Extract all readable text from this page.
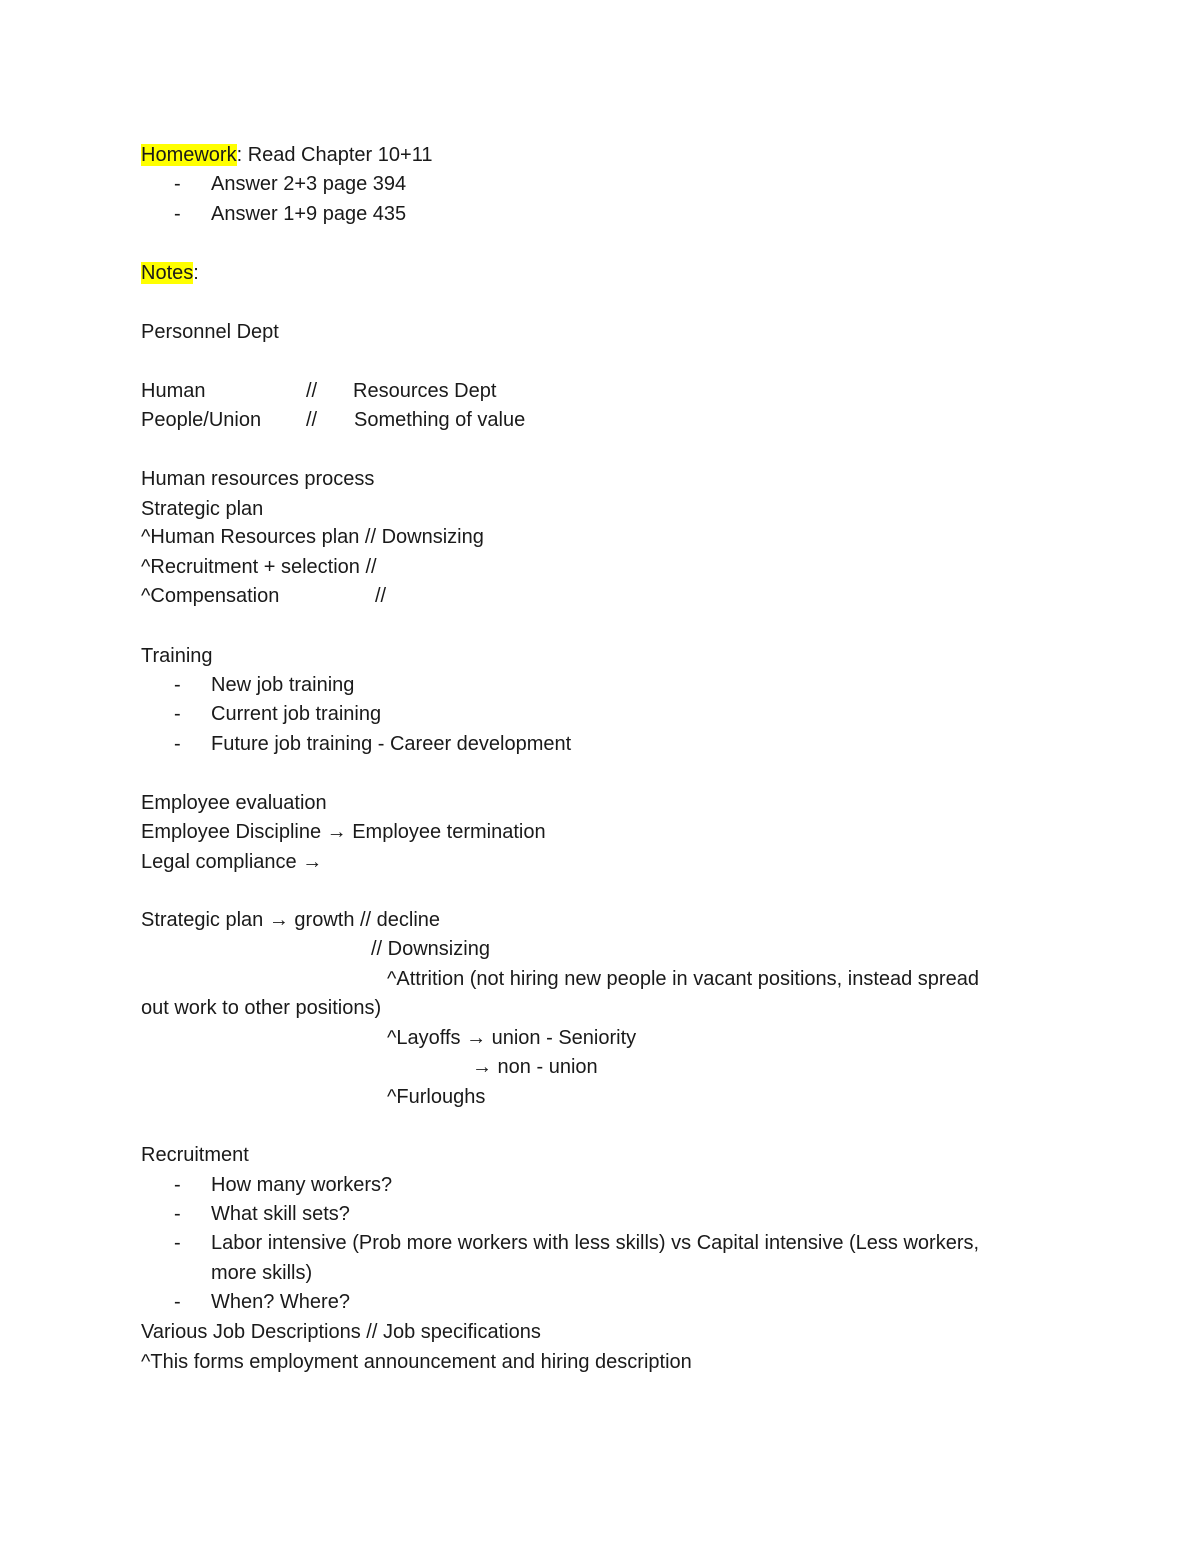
Homework: Read Chapter 10+11
- Answer 2+3 page 394
- Answer 1+9 page 435
Notes:
Personnel Dept
Human	// Resources Dept
People/Union // Something of value
Human resources process
Strategic plan
^Human Resources plan // Downsizing
^Recruitment + selection //
^Compensation	//
Training
- New job training
- Current job training
- Future job training - Career development
Employee evaluation
Employee Discipline → Employee termination
Legal compliance →
Strategic plan → growth // decline
// Downsizing
^Attrition (not hiring new people in vacant positions, instead spread
out work to other positions)
^Layoffs → union - Seniority
→ non - union
^Furloughs
Recruitment
- How many workers?
- What skill sets?
- Labor intensive (Prob more workers with less skills) vs Capital intensive (Less workers,
more skills)
- When? Where?
Various Job Descriptions // Job specifications
^This forms employment announcement and hiring description
